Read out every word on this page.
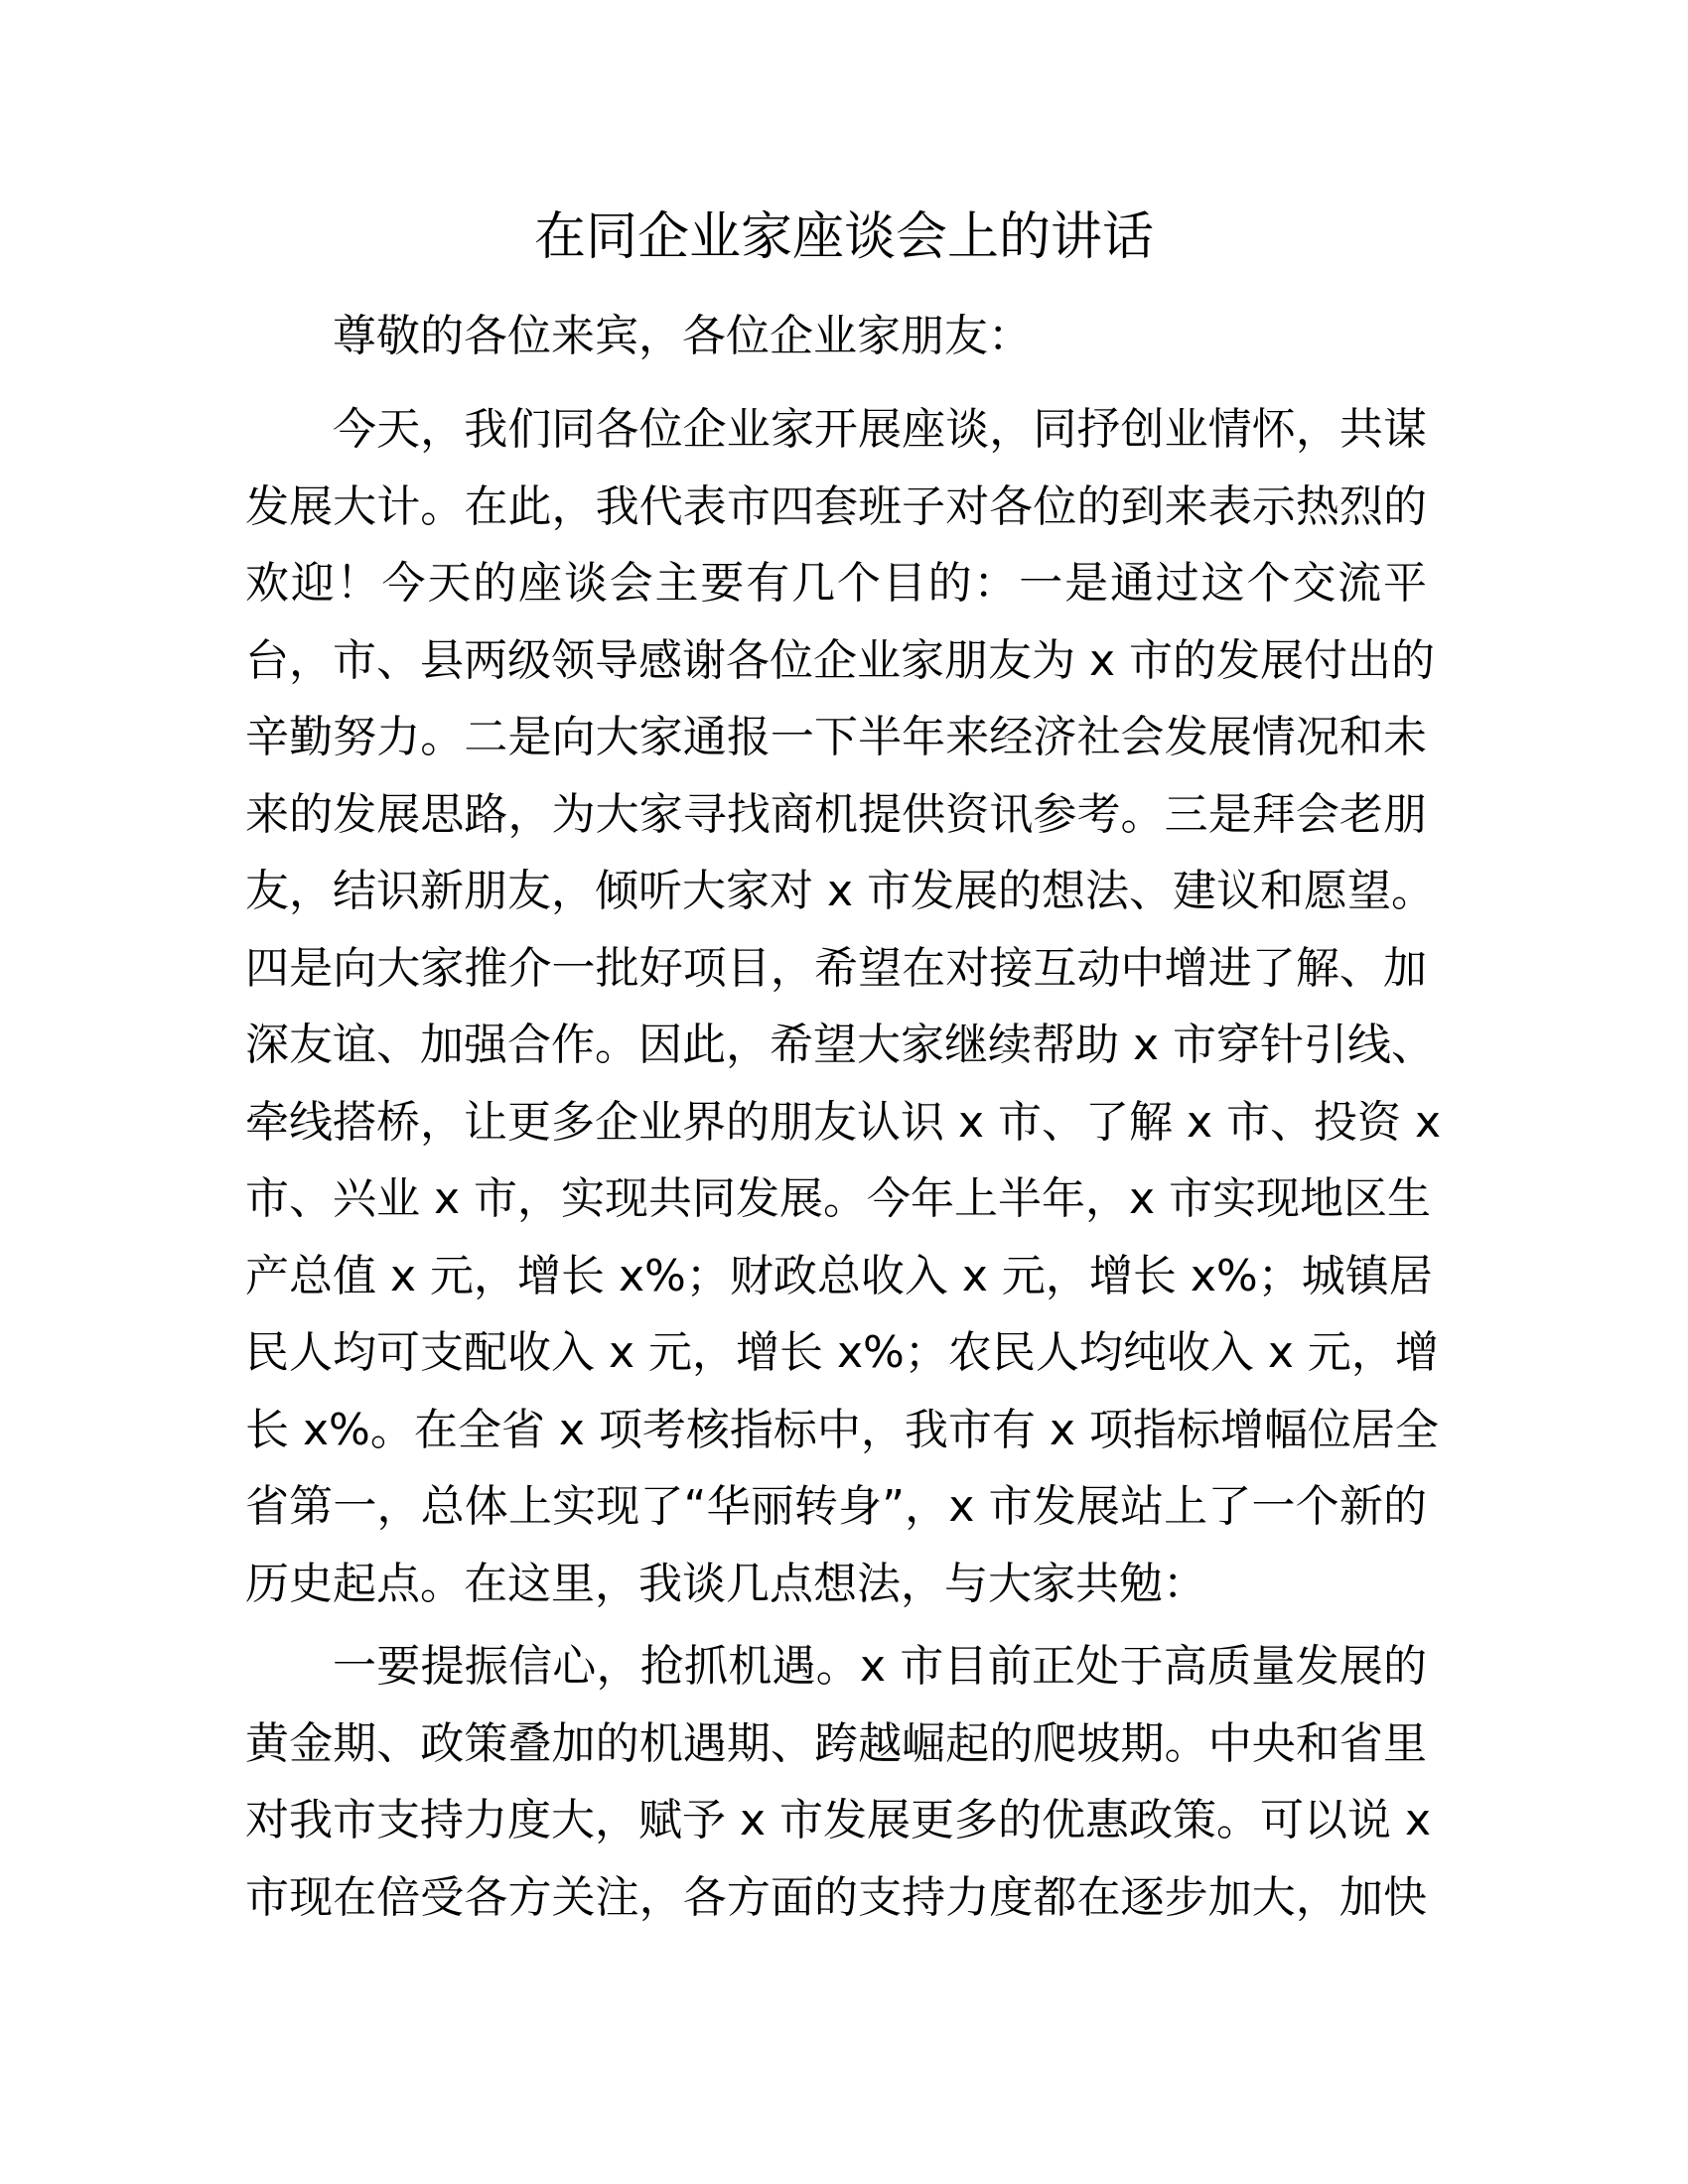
在同企业家座谈会上的讲话
尊敬的各位来宾，各位企业家朋友：
今天，我们同各位企业家开展座谈，同抒创业情怀，共谋
发展大计。在此，我代表市四套班子对各位的到来表示热烈的
欢迎！今天的座谈会主要有几个目的：一是通过这个交流平
台，市、县两级领导感谢各位企业家朋友为 x 市的发展付出的
辛勤努力。二是向大家通报一下半年来经济社会发展情况和未
来的发展思路，为大家寻找商机提供资讯参考。三是拜会老朋
友，结识新朋友，倾听大家对 x 市发展的想法、建议和愿望。
四是向大家推介一批好项目，希望在对接互动中增进了解、加
深友谊、加强合作。因此，希望大家继续帮助 x 市穿针引线、
牵线搭桥，让更多企业界的朋友认识 x 市、了解 x 市、投资 x
市、兴业 x 市，实现共同发展。今年上半年，x 市实现地区生
产总值 x 元，增长 x%；财政总收入 x 元，增长 x%；城镇居
民人均可支配收入 x 元，增长 x%；农民人均纯收入 x 元，增
长 x%。在全省 x 项考核指标中，我市有 x 项指标增幅位居全
省第一，总体上实现了“华丽转身”，x 市发展站上了一个新的
历史起点。在这里，我谈几点想法，与大家共勉：
一要提振信心，抢抓机遇。x 市目前正处于高质量发展的
黄金期、政策叠加的机遇期、跨越崛起的爬坡期。中央和省里
对我市支持力度大，赋予 x 市发展更多的优惠政策。可以说 x
市现在倍受各方关注，各方面的支持力度都在逐步加大，加快
